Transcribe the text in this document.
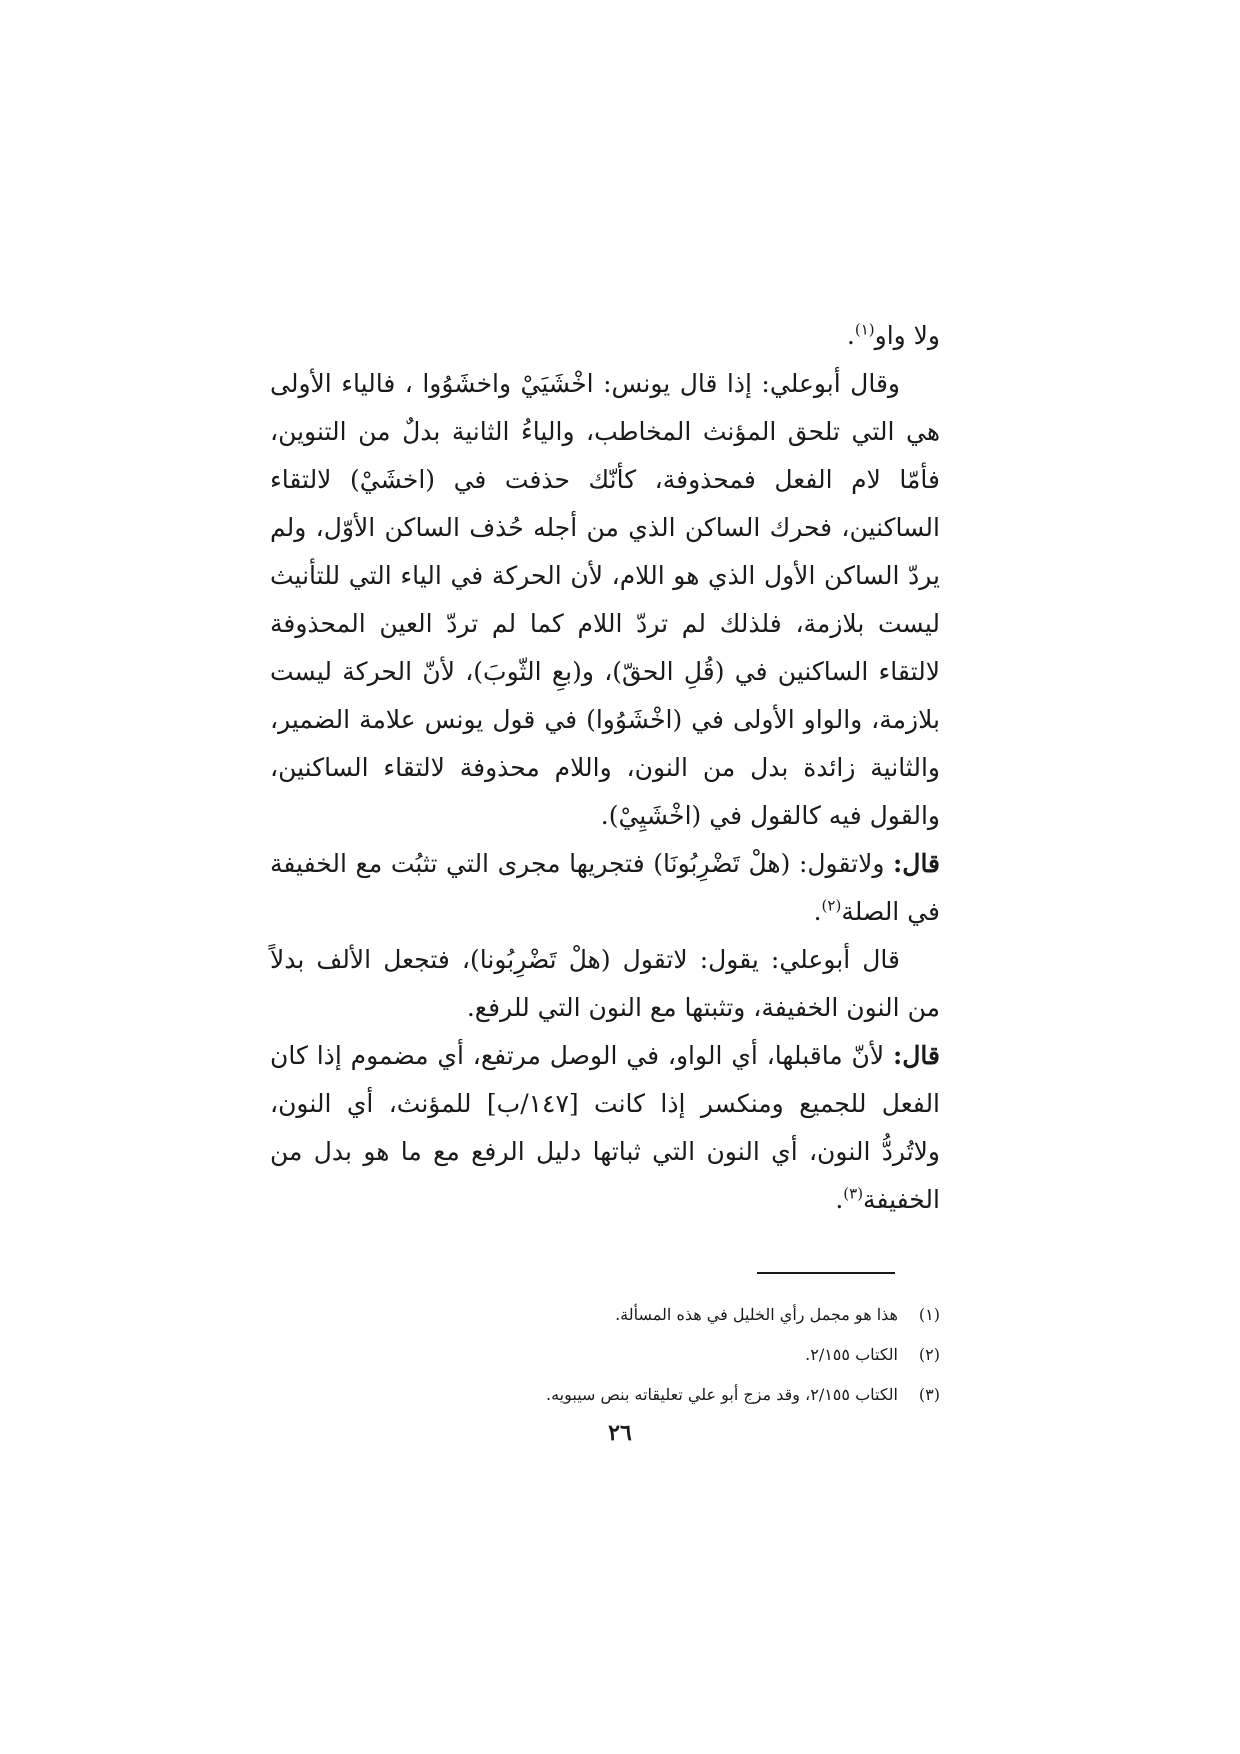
ولا واو$^{(١)}$.

وقال أبوعلي: إذا قال يونس: اخْشَيَيْ واخشَوُوا ، فالياء الأولى هي التي تلحق المؤنث المخاطب، والياءُ الثانية بدلٌ من التنوين، فأمّا لام الفعل فمحذوفة، كأنّك حذفت في (اخشَيْ) لالتقاء الساكنين، فحرك الساكن الذي من أجله حُذف الساكن الأوّل، ولم يردّ الساكن الأول الذي هو اللام، لأن الحركة في الياء التي للتأنيث ليست بلازمة، فلذلك لم تردّ اللام كما لم تردّ العين المحذوفة لالتقاء الساكنين في (قُلِ الحقّ)، و(بعِ الثّوبَ)، لأنّ الحركة ليست بلازمة، والواو الأولى في (اخْشَوُوا) في قول يونس علامة الضمير، والثانية زائدة بدل من النون، واللام محذوفة لالتقاء الساكنين، والقول فيه كالقول في (اخْشَيِيْ).

قال: ولاتقول: (هلْ تَضْرِبُونَا) فتجريها مجرى التي تثبُت مع الخفيفة في الصلة$^{(٢)}$.

قال أبوعلي: يقول: لاتقول (هلْ تَضْرِبُونا)، فتجعل الألف بدلاً من النون الخفيفة، وتثبتها مع النون التي للرفع.

قال: لأنّ ماقبلها، أي الواو، في الوصل مرتفع، أي مضموم إذا كان الفعل للجميع ومنكسر إذا كانت [١٤٧/ب] للمؤنث، أي النون، ولاتُردُّ النون، أي النون التي ثباتها دليل الرفع مع ما هو بدل من الخفيفة$^{(٣)}$.

(١)هذا هو مجمل رأي الخليل في هذه المسألة.

(٢)الكتاب ٢/١٥٥.

(٣)الكتاب ٢/١٥٥، وقد مزج أبو علي تعليقاته بنص سيبويه.

٢٦
